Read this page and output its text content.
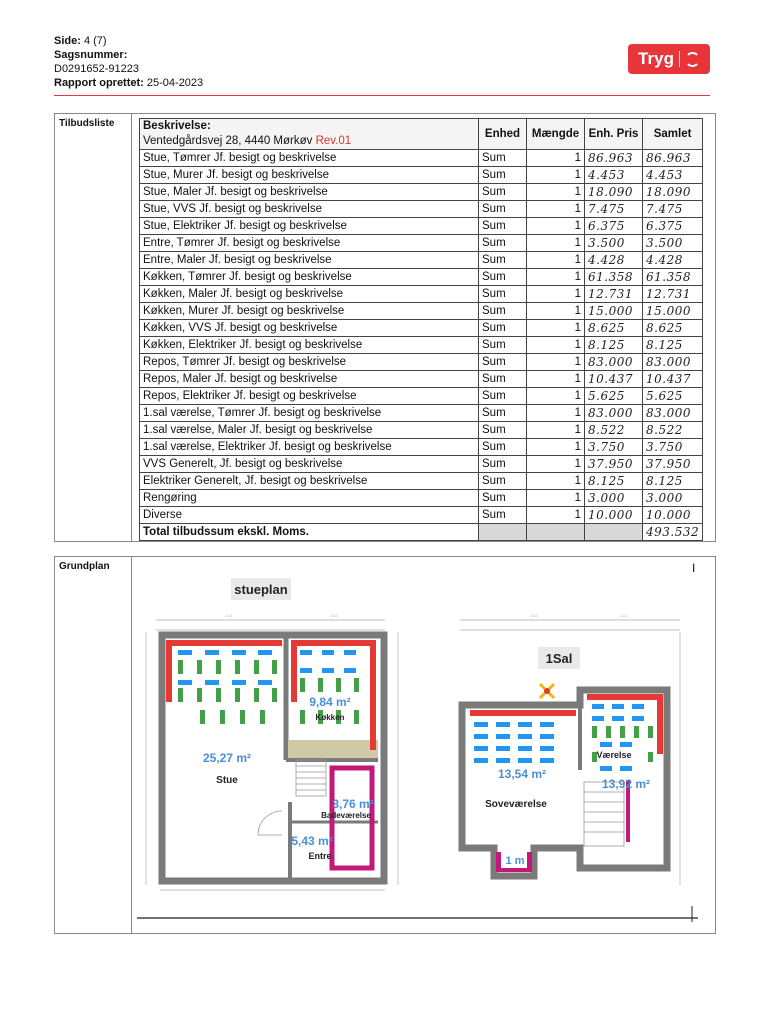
Side: 4 (7)
Sagsnummer:
D0291652-91223
Rapport oprettet: 25-04-2023
Tryg
Tilbudsliste Beskrivelse:
Ventedgårdsvej 28, 4440 Mørkøv Rev.01	Enhed	Mængde	Enh. Pris	Samlet
Stue, Tømrer Jf. besigt og beskrivelse	Sum	1	86.963	86.963
Stue, Murer Jf. besigt og beskrivelse	Sum	1	4.453	4.453
Stue, Maler Jf. besigt og beskrivelse	Sum	1	18.090	18.090
Stue, VVS Jf. besigt og beskrivelse	Sum	1	7.475	7.475
Stue, Elektriker Jf. besigt og beskrivelse	Sum	1	6.375	6.375
Entre, Tømrer Jf. besigt og beskrivelse	Sum	1	3.500	3.500
Entre, Maler Jf. besigt og beskrivelse	Sum	1	4.428	4.428
Køkken, Tømrer Jf. besigt og beskrivelse	Sum	1	61.358	61.358
Køkken, Maler Jf. besigt og beskrivelse	Sum	1	12.731	12.731
Køkken, Murer Jf. besigt og beskrivelse	Sum	1	15.000	15.000
Køkken, VVS Jf. besigt og beskrivelse	Sum	1	8.625	8.625
Køkken, Elektriker Jf. besigt og beskrivelse	Sum	1	8.125	8.125
Repos, Tømrer Jf. besigt og beskrivelse	Sum	1	83.000	83.000
Repos, Maler Jf. besigt og beskrivelse	Sum	1	10.437	10.437
Repos, Elektriker Jf. besigt og beskrivelse	Sum	1	5.625	5.625
1.sal værelse, Tømrer Jf. besigt og beskrivelse	Sum	1	83.000	83.000
1.sal værelse, Maler Jf. besigt og beskrivelse	Sum	1	8.522	8.522
1.sal værelse, Elektriker Jf. besigt og beskrivelse	Sum	1	3.750	3.750
VVS Generelt, Jf. besigt og beskrivelse	Sum	1	37.950	37.950
Elektriker Generelt, Jf. besigt og beskrivelse	Sum	1	8.125	8.125
Rengøring	Sum	1	3.000	3.000
Diverse	Sum	1	10.000	10.000
Total tilbudssum ekskl. Moms.				493.532
Grundplan	I
1111	1111	1111	1111
stueplan
1Sal
25,27 m²
Stue
9,84 m²
Køkken
3,76 m²
Badeværelse
5,43 m²
Entre
13,54 m²
Soveværelse
Værelse
13,92 m²
1 m
